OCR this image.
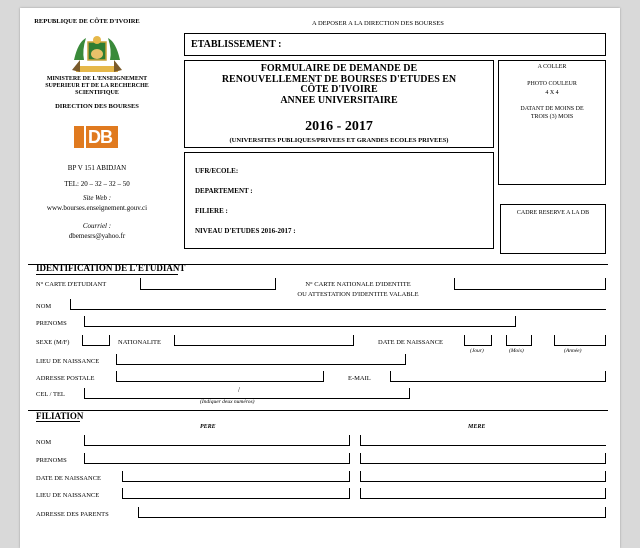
REPUBLIQUE DE CÔTE D'IVOIRE
MINISTERE DE L'ENSEIGNEMENT
SUPERIEUR ET DE LA RECHERCHE
SCIENTIFIQUE
DIRECTION DES BOURSES
DB
BP V 151 ABIDJAN
TEL: 20 – 32 – 32 – 50
Site Web :
www.bourses.enseignement.gouv.ci
Courriel :
dbemesrs@yahoo.fr
A DEPOSER A LA DIRECTION DES BOURSES
ETABLISSEMENT :
FORMULAIRE DE DEMANDE DE
RENOUVELLEMENT DE BOURSES D'ETUDES EN
CÔTE D'IVOIRE
ANNEE UNIVERSITAIRE
2016 - 2017
(UNIVERSITES PUBLIQUES/PRIVEES ET GRANDES ECOLES PRIVEES)
A COLLER
PHOTO COULEUR
4 X 4
DATANT DE MOINS DE
TROIS (3) MOIS
UFR/ECOLE:
DEPARTEMENT :
FILIERE :
NIVEAU D'ETUDES 2016-2017 :
CADRE RESERVE A LA DB
IDENTIFICATION DE L'ETUDIANT
N° CARTE D'ETUDIANT	N° CARTE NATIONALE D'IDENTITE
OU ATTESTATION D'IDENTITE VALABLE
NOM
PRENOMS
SEXE (M/F)	NATIONALITE	DATE DE NAISSANCE
(Jour)	(Mois)	(Année)
LIEU DE NAISSANCE
ADRESSE POSTALE	E-MAIL
CEL / TEL
/
(Indiquer deux numéros)
FILIATION
PERE	MERE
NOM
PRENOMS
DATE DE NAISSANCE
LIEU DE NAISSANCE
ADRESSE DES PARENTS
